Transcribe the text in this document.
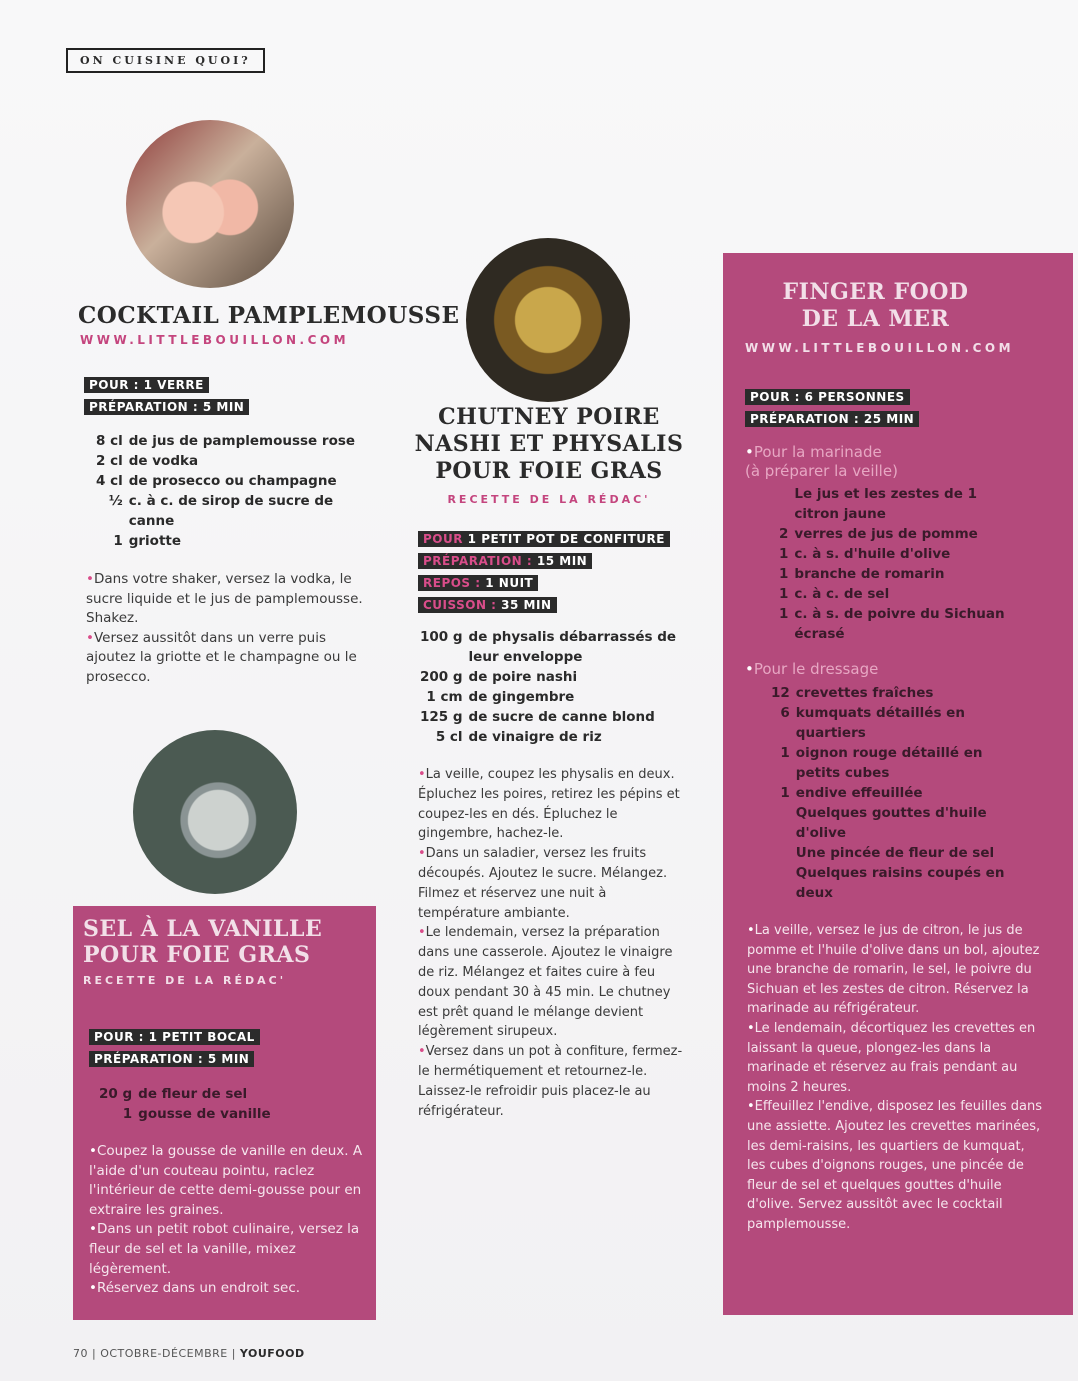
ON CUISINE QUOI?
COCKTAIL PAMPLEMOUSSE
WWW.LITTLEBOUILLON.COM
POUR : 1 VERRE
PRÉPARATION : 5 MIN
8 cl de jus de pamplemousse rose
2 cl de vodka
4 cl de prosecco ou champagne
½ c. à c. de sirop de sucre de canne
1 griotte

•Dans votre shaker, versez la vodka, le sucre liquide et le jus de pamplemousse. Shakez.

•Versez aussitôt dans un verre puis ajoutez la griotte et le champagne ou le prosecco.

SEL À LA VANILLE
POUR FOIE GRAS
RECETTE DE LA RÉDAC'
POUR : 1 PETIT BOCAL
PRÉPARATION : 5 MIN
20 g de fleur de sel
1 gousse de vanille

•Coupez la gousse de vanille en deux. A l'aide d'un couteau pointu, raclez l'intérieur de cette demi-gousse pour en extraire les graines.

•Dans un petit robot culinaire, versez la fleur de sel et la vanille, mixez légèrement.

•Réservez dans un endroit sec.

CHUTNEY POIRE
NASHI ET PHYSALIS
POUR FOIE GRAS
RECETTE DE LA RÉDAC'
POUR 1 PETIT POT DE CONFITURE
PRÉPARATION : 15 MIN
REPOS : 1 NUIT
CUISSON : 35 MIN
100 g de physalis débarrassés de leur enveloppe
200 g de poire nashi
1 cm de gingembre
125 g de sucre de canne blond
5 cl de vinaigre de riz

•La veille, coupez les physalis en deux. Épluchez les poires, retirez les pépins et coupez-les en dés. Épluchez le gingembre, hachez-le.

•Dans un saladier, versez les fruits découpés. Ajoutez le sucre. Mélangez. Filmez et réservez une nuit à température ambiante.

•Le lendemain, versez la préparation dans une casserole. Ajoutez le vinaigre de riz. Mélangez et faites cuire à feu doux pendant 30 à 45 min. Le chutney est prêt quand le mélange devient légèrement sirupeux.

•Versez dans un pot à confiture, fermez-le hermétiquement et retournez-le. Laissez-le refroidir puis placez-le au réfrigérateur.

FINGER FOOD
DE LA MER
WWW.LITTLEBOUILLON.COM
POUR : 6 PERSONNES
PRÉPARATION : 25 MIN
•Pour la marinade
(à préparer la veille)
Le jus et les zestes de 1 citron jaune
2 verres de jus de pomme
1 c. à s. d'huile d'olive
1 branche de romarin
1 c. à c. de sel
1 c. à s. de poivre du Sichuan écrasé
•Pour le dressage
12 crevettes fraîches
6 kumquats détaillés en quartiers
1 oignon rouge détaillé en petits cubes
1 endive effeuillée
Quelques gouttes d'huile d'olive
Une pincée de fleur de sel
Quelques raisins coupés en deux

•La veille, versez le jus de citron, le jus de pomme et l'huile d'olive dans un bol, ajoutez une branche de romarin, le sel, le poivre du Sichuan et les zestes de citron. Réservez la marinade au réfrigérateur.

•Le lendemain, décortiquez les crevettes en laissant la queue, plongez-les dans la marinade et réservez au frais pendant au moins 2 heures.

•Effeuillez l'endive, disposez les feuilles dans une assiette. Ajoutez les crevettes marinées, les demi-raisins, les quartiers de kumquat, les cubes d'oignons rouges, une pincée de fleur de sel et quelques gouttes d'huile d'olive. Servez aussitôt avec le cocktail pamplemousse.

70 | OCTOBRE-DÉCEMBRE | YOUFOOD
